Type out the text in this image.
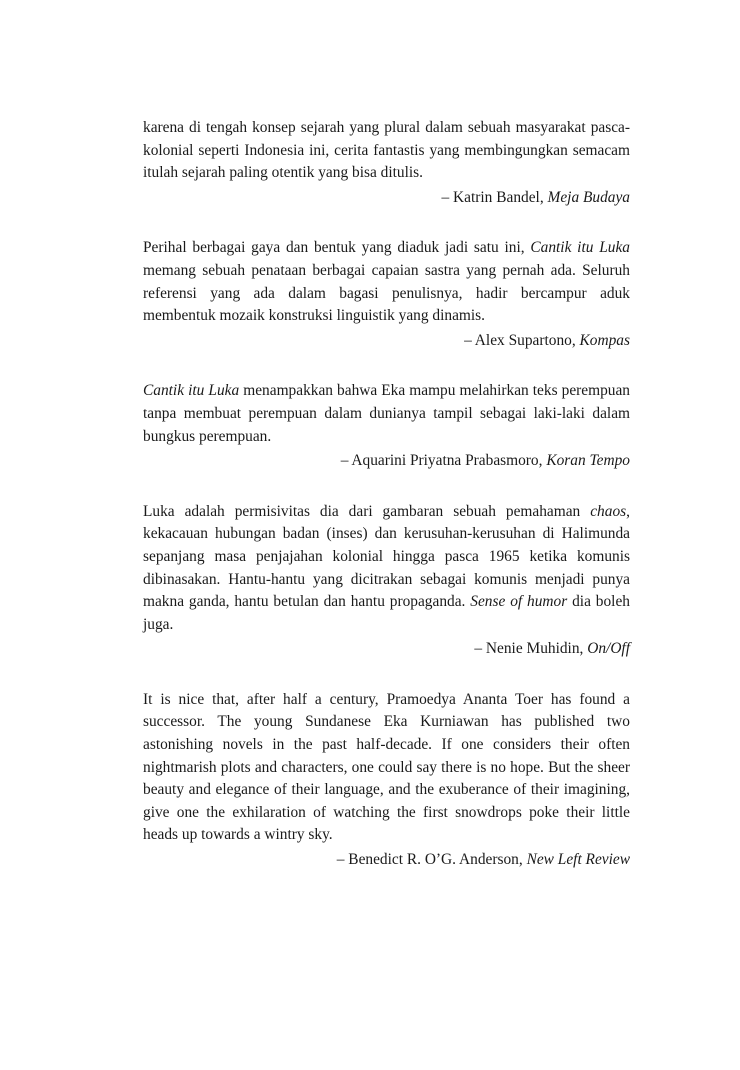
karena di tengah konsep sejarah yang plural dalam sebuah masyarakat pasca-kolonial seperti Indonesia ini, cerita fantastis yang membingungkan semacam itulah sejarah paling otentik yang bisa ditulis.

– Katrin Bandel, Meja Budaya

Perihal berbagai gaya dan bentuk yang diaduk jadi satu ini, Cantik itu Luka memang sebuah penataan berbagai capaian sastra yang pernah ada. Seluruh referensi yang ada dalam bagasi penulisnya, hadir bercampur aduk membentuk mozaik konstruksi linguistik yang dinamis.

– Alex Supartono, Kompas

Cantik itu Luka menampakkan bahwa Eka mampu melahirkan teks perempuan tanpa membuat perempuan dalam dunianya tampil sebagai laki-laki dalam bungkus perempuan.

– Aquarini Priyatna Prabasmoro, Koran Tempo

Luka adalah permisivitas dia dari gambaran sebuah pemahaman chaos, kekacauan hubungan badan (inses) dan kerusuhan-kerusuhan di Halimunda sepanjang masa penjajahan kolonial hingga pasca 1965 ketika komunis dibinasakan. Hantu-hantu yang dicitrakan sebagai komunis menjadi punya makna ganda, hantu betulan dan hantu propaganda. Sense of humor dia boleh juga.

– Nenie Muhidin, On/Off

It is nice that, after half a century, Pramoedya Ananta Toer has found a successor. The young Sundanese Eka Kurniawan has published two astonishing novels in the past half-decade. If one considers their often nightmarish plots and characters, one could say there is no hope. But the sheer beauty and elegance of their language, and the exuberance of their imagining, give one the exhilaration of watching the first snowdrops poke their little heads up towards a wintry sky.

– Benedict R. O’G. Anderson, New Left Review
